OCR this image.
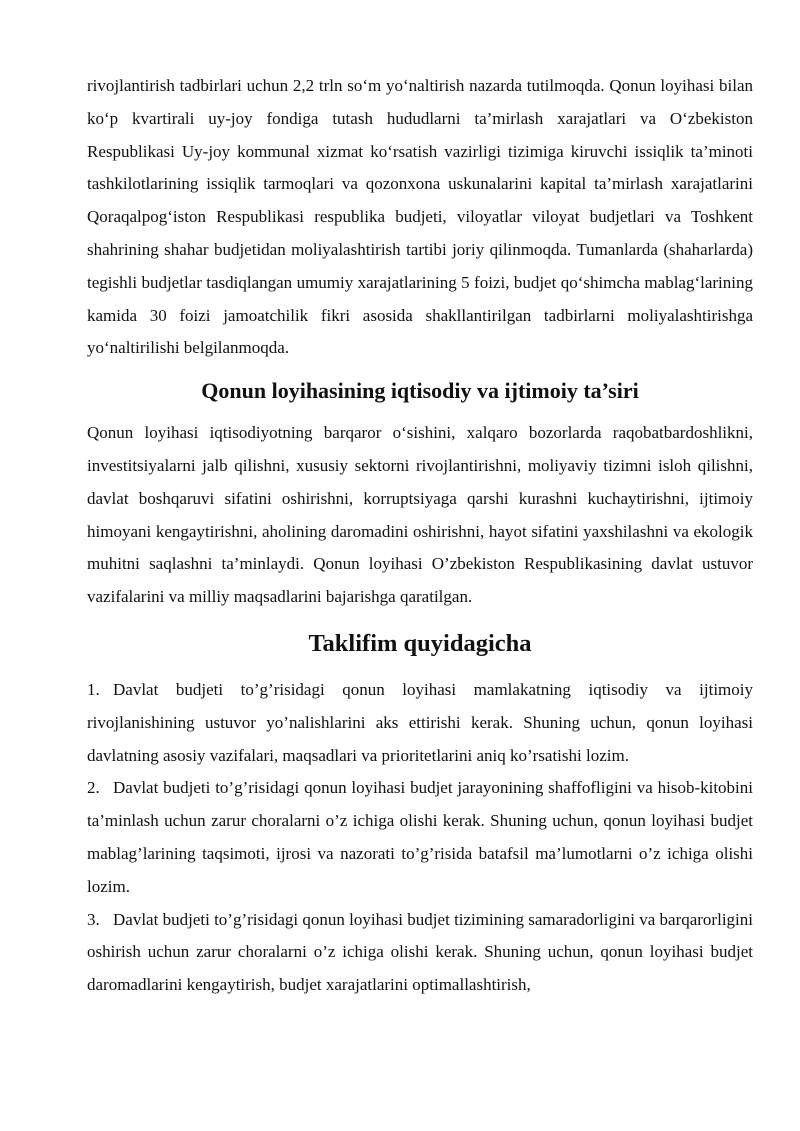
rivojlantirish tadbirlari uchun 2,2 trln so‘m yo‘naltirish nazarda tutilmoqda. Qonun loyihasi bilan ko‘p kvartirali uy-joy fondiga tutash hududlarni ta’mirlash xarajatlari va O‘zbekiston Respublikasi Uy-joy kommunal xizmat ko‘rsatish vazirligi tizimiga kiruvchi issiqlik ta’minoti tashkilotlarining issiqlik tarmoqlari va qozonxona uskunalarini kapital ta’mirlash xarajatlarini Qoraqalpog‘iston Respublikasi respublika budjeti, viloyatlar viloyat budjetlari va Toshkent shahrining shahar budjetidan moliyalashtirish tartibi joriy qilinmoqda. Tumanlarda (shaharlarda) tegishli budjetlar tasdiqlangan umumiy xarajatlarining 5 foizi, budjet qo‘shimcha mablag‘larining kamida 30 foizi jamoatchilik fikri asosida shakllantirilgan tadbirlarni moliyalashtirishga yo‘naltirilishi belgilanmoqda.

Qonun loyihasining iqtisodiy va ijtimoiy ta’siri

Qonun loyihasi iqtisodiyotning barqaror o‘sishini, xalqaro bozorlarda raqobatbardoshlikni, investitsiyalarni jalb qilishni, xususiy sektorni rivojlantirishni, moliyaviy tizimni isloh qilishni, davlat boshqaruvi sifatini oshirishni, korruptsiyaga qarshi kurashni kuchaytirishni, ijtimoiy himoyani kengaytirishni, aholining daromadini oshirishni, hayot sifatini yaxshilashni va ekologik muhitni saqlashni ta’minlaydi. Qonun loyihasi O’zbekiston Respublikasining davlat ustuvor vazifalarini va milliy maqsadlarini bajarishga qaratilgan.

Taklifim quyidagicha

1. Davlat budjeti to’g’risidagi qonun loyihasi mamlakatning iqtisodiy va ijtimoiy rivojlanishining ustuvor yo’nalishlarini aks ettirishi kerak. Shuning uchun, qonun loyihasi davlatning asosiy vazifalari, maqsadlari va prioritetlarini aniq ko’rsatishi lozim.

2. Davlat budjeti to’g’risidagi qonun loyihasi budjet jarayonining shaffofligini va hisob-kitobini ta’minlash uchun zarur choralarni o’z ichiga olishi kerak. Shuning uchun, qonun loyihasi budjet mablag’larining taqsimoti, ijrosi va nazorati to’g’risida batafsil ma’lumotlarni o’z ichiga olishi lozim.

3. Davlat budjeti to’g’risidagi qonun loyihasi budjet tizimining samaradorligini va barqarorligini oshirish uchun zarur choralarni o’z ichiga olishi kerak. Shuning uchun, qonun loyihasi budjet daromadlarini kengaytirish, budjet xarajatlarini optimallashtirish,
